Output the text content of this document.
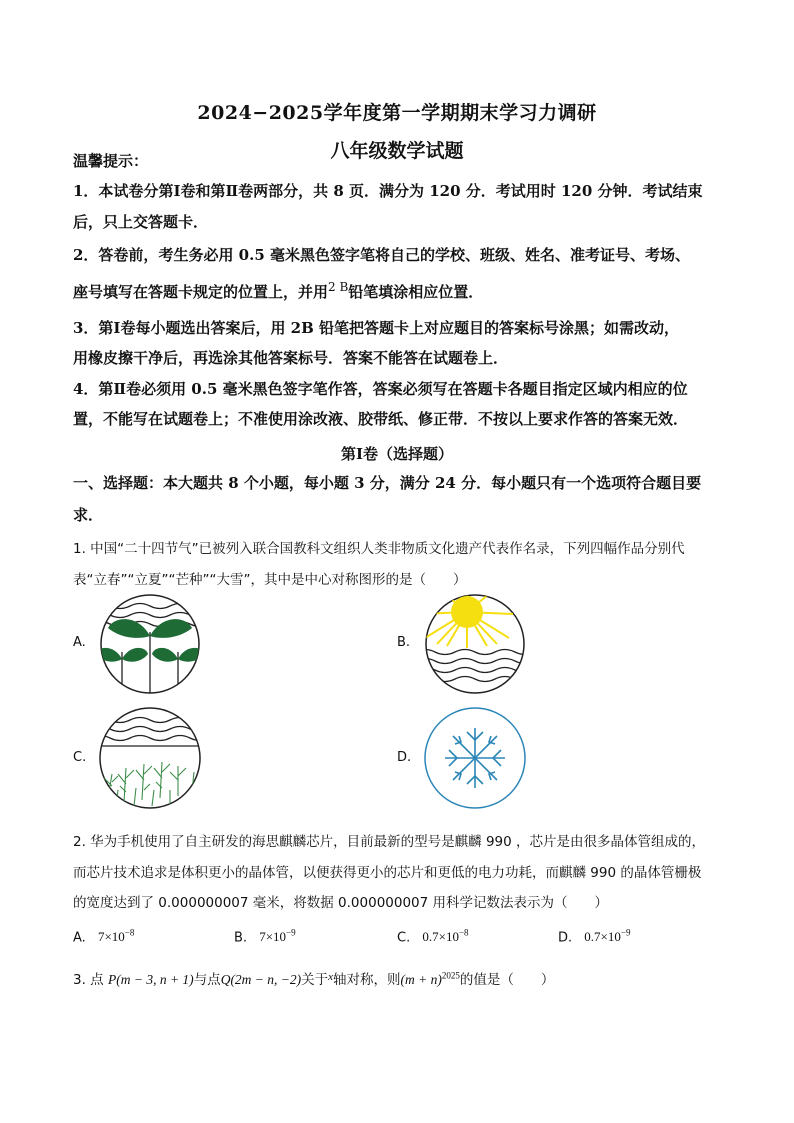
2024−2025学年度第一学期期末学习力调研
八年级数学试题
温馨提示：
1．本试卷分第Ⅰ卷和第Ⅱ卷两部分，共 8 页．满分为 120 分．考试用时 120 分钟．考试结束
后，只上交答题卡．
2．答卷前，考生务必用 0.5 毫米黑色签字笔将自己的学校、班级、姓名、准考证号、考场、
座号填写在答题卡规定的位置上，并用$^{2 B}$铅笔填涂相应位置．
3．第Ⅰ卷每小题选出答案后，用 2B 铅笔把答题卡上对应题目的答案标号涂黑；如需改动，
用橡皮擦干净后，再选涂其他答案标号．答案不能答在试题卷上．
4．第Ⅱ卷必须用 0.5 毫米黑色签字笔作答，答案必须写在答题卡各题目指定区域内相应的位
置，不能写在试题卷上；不准使用涂改液、胶带纸、修正带．不按以上要求作答的答案无效．
第Ⅰ卷（选择题）
一、选择题：本大题共 8 个小题，每小题 3 分，满分 24 分．每小题只有一个选项符合题目要
求．
1. 中国“二十四节气”已被列入联合国教科文组织人类非物质文化遗产代表作名录，下列四幅作品分别代
表“立春”“立夏”“芒种”“大雪”，其中是中心对称图形的是（　　）
A.	B.
C.	D.
2. 华为手机使用了自主研发的海思麒麟芯片，目前最新的型号是麒麟 990 ，芯片是由很多晶体管组成的，
而芯片技术追求是体积更小的晶体管，以便获得更小的芯片和更低的电力功耗，而麒麟 990 的晶体管栅极
的宽度达到了 0.000000007 毫米，将数据 0.000000007 用科学记数法表示为（　　）
A. $7\times 10^{-8}$	B. $7\times 10^{-9}$	C. $0.7\times 10^{-8}$	D. $0.7\times 10^{-9}$
3. 点 P(m − 3, n + 1)与点Q(2m − n, −2)关于$^x$轴对称，则$(m + n)^{2025}$的值是（　　）
